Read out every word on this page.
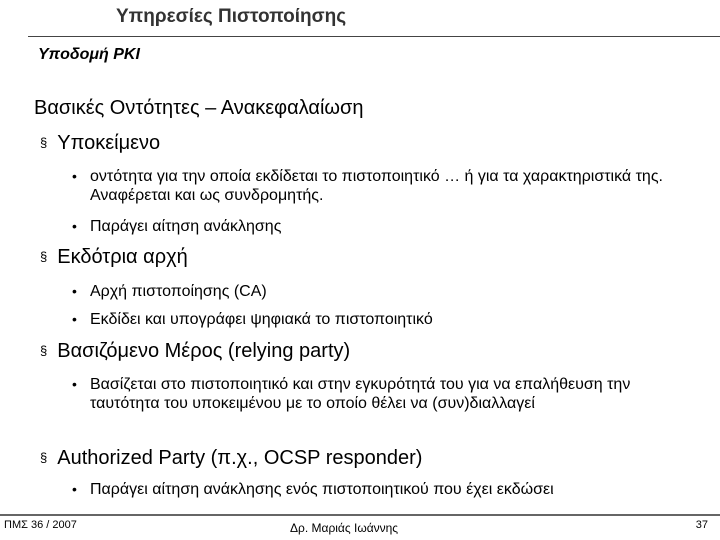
Υπηρεσίες Πιστοποίησης
Υποδομή PKI
Βασικές Οντότητες – Ανακεφαλαίωση
§ Υποκείμενο
• οντότητα για την οποία εκδίδεται το πιστοποιητικό … ή για τα χαρακτηριστικά της. Αναφέρεται και ως συνδρομητής.
• Παράγει αίτηση ανάκλησης
§ Εκδότρια αρχή
• Αρχή πιστοποίησης (CA)
• Εκδίδει και υπογράφει ψηφιακά το πιστοποιητικό
§ Βασιζόμενο Μέρος (relying party)
• Βασίζεται στο πιστοποιητικό και στην εγκυρότητά του για να επαλήθευση την ταυτότητα του υποκειμένου με το οποίο θέλει να (συν)διαλλαγεί
§ Authorized Party (π.χ., OCSP responder)
• Παράγει αίτηση ανάκλησης ενός πιστοποιητικού που έχει εκδώσει
ΠΜΣ 36 / 2007	Δρ. Μαριάς Ιωάννης	37
